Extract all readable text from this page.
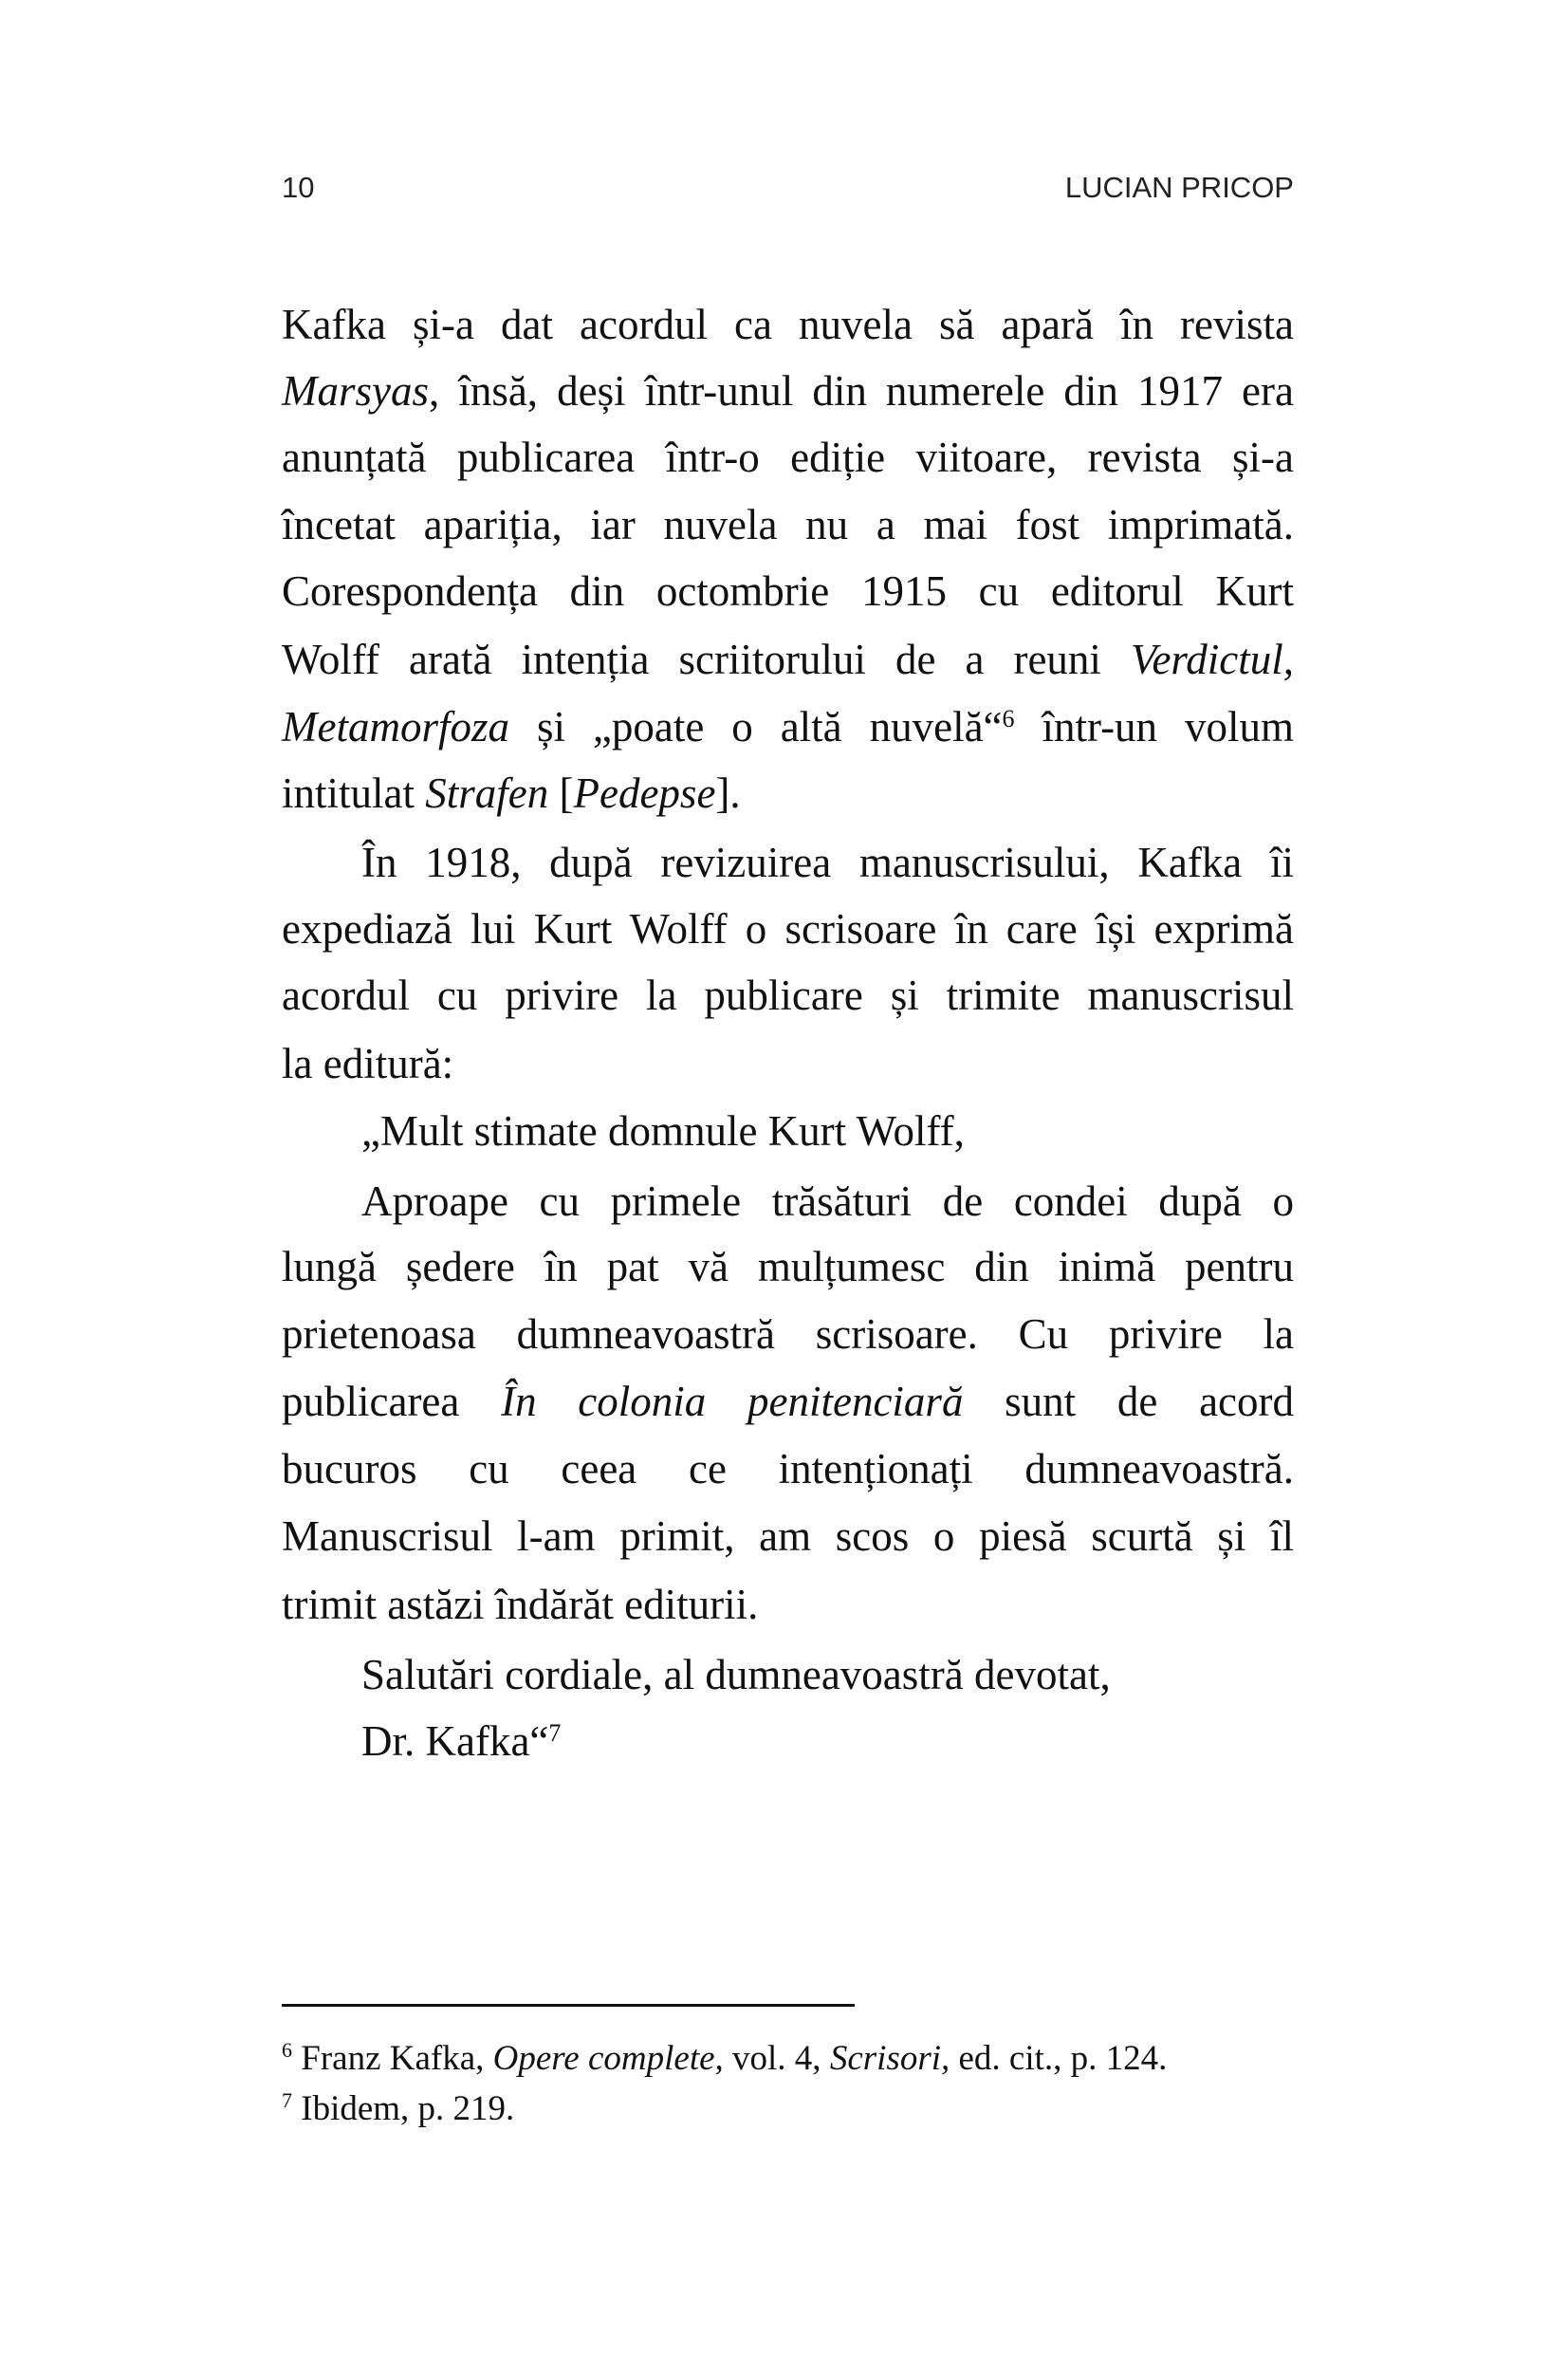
10	LUCIAN PRICOP
Kafka și-a dat acordul ca nuvela să apară în revista
Marsyas, însă, deși într-unul din numerele din 1917 era
anunțată publicarea într-o ediție viitoare, revista și-a
încetat apariția, iar nuvela nu a mai fost imprimată.
Corespondența din octombrie 1915 cu editorul Kurt
Wolff arată intenția scriitorului de a reuni Verdictul,
Metamorfoza și „poate o altă nuvelă“$^6$ într-un volum
intitulat Strafen [Pedepse].
În 1918, după revizuirea manuscrisului, Kafka îi
expediază lui Kurt Wolff o scrisoare în care își exprimă
acordul cu privire la publicare și trimite manuscrisul
la editură:
„Mult stimate domnule Kurt Wolff,
Aproape cu primele trăsături de condei după o
lungă ședere în pat vă mulțumesc din inimă pentru
prietenoasa dumneavoastră scrisoare. Cu privire la
publicarea În colonia penitenciară sunt de acord
bucuros cu ceea ce intenționați dumneavoastră.
Manuscrisul l-am primit, am scos o piesă scurtă și îl
trimit astăzi îndărăt editurii.
Salutări cordiale, al dumneavoastră devotat,
Dr. Kafka“$^7$
$^6$ Franz Kafka, Opere complete, vol. 4, Scrisori, ed. cit., p. 124.
$^7$ Ibidem, p. 219.
